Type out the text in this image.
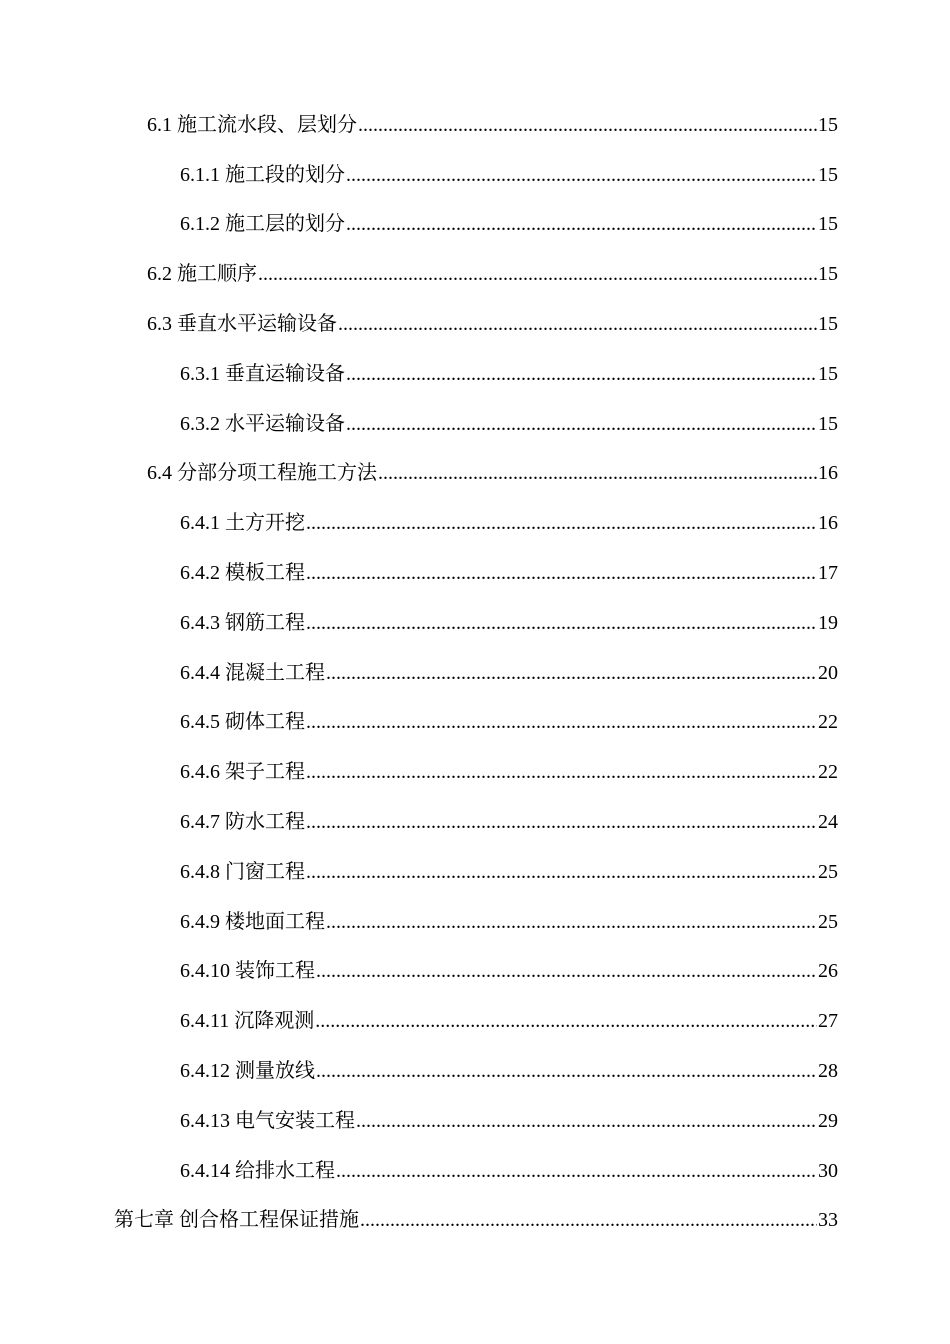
6.1 施工流水段、层划分 .....	15
6.1.1 施工段的划分 .....	15
6.1.2 施工层的划分 .....	15
6.2 施工顺序 .....	15
6.3 垂直水平运输设备 .....	15
6.3.1 垂直运输设备 .....	15
6.3.2 水平运输设备 .....	15
6.4 分部分项工程施工方法 .....	16
6.4.1 土方开挖 .....	16
6.4.2 模板工程 .....	17
6.4.3 钢筋工程 .....	19
6.4.4 混凝土工程 .....	20
6.4.5 砌体工程 .....	22
6.4.6 架子工程 .....	22
6.4.7 防水工程 .....	24
6.4.8 门窗工程 .....	25
6.4.9 楼地面工程 .....	25
6.4.10 装饰工程 .....	26
6.4.11 沉降观测 .....	27
6.4.12 测量放线 .....	28
6.4.13 电气安装工程 .....	29
6.4.14 给排水工程 .....	30
第七章 创合格工程保证措施 .....	33
